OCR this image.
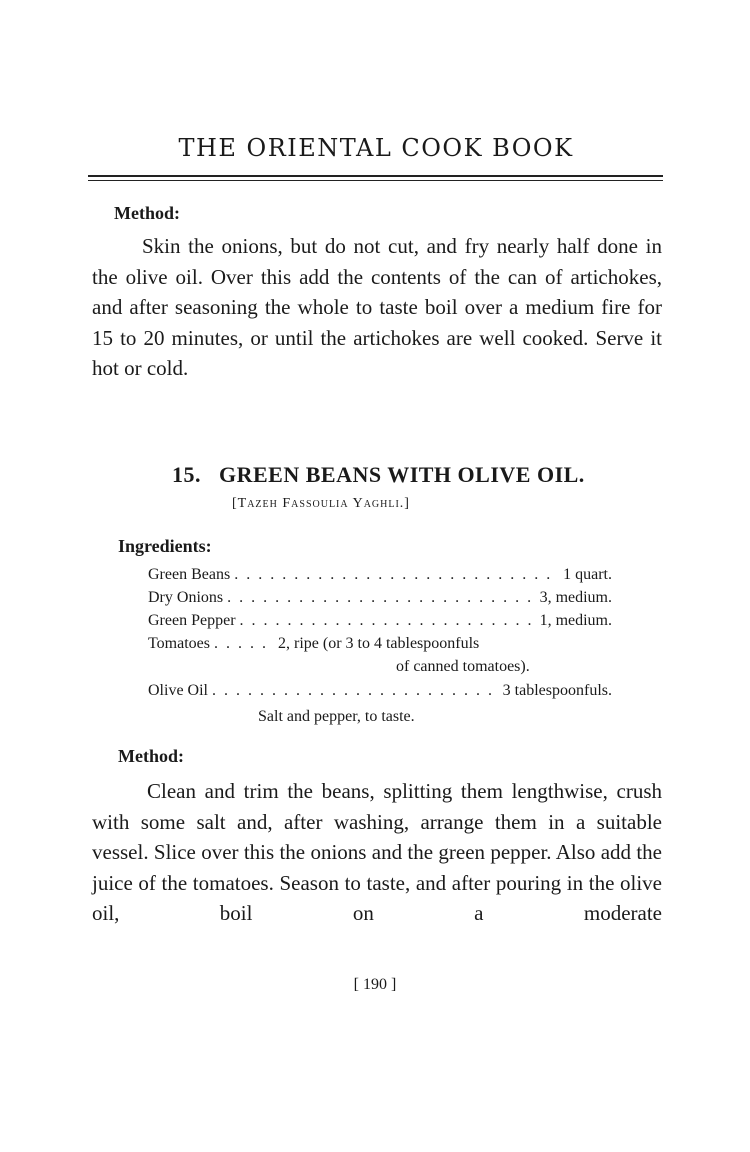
THE ORIENTAL COOK BOOK
Method:
Skin the onions, but do not cut, and fry nearly half done in the olive oil. Over this add the contents of the can of artichokes, and after seasoning the whole to taste boil over a medium fire for 15 to 20 minutes, or until the artichokes are well cooked. Serve it hot or cold.
15. GREEN BEANS WITH OLIVE OIL.
[Tazeh Fassoulia Yaghli.]
Ingredients:
Green Beans . . .	1 quart.
Dry Onions . . .	3, medium.
Green Pepper . . .	1, medium.
Tomatoes . . .	2, ripe (or 3 to 4 tablespoonfuls
of canned tomatoes).
Olive Oil . . .	3 tablespoonfuls.
Salt and pepper, to taste.
Method:
Clean and trim the beans, splitting them lengthwise, crush with some salt and, after washing, arrange them in a suitable vessel. Slice over this the onions and the green pepper. Also add the juice of the tomatoes. Season to taste, and after pouring in the olive oil, boil on a moderate
[ 190 ]
